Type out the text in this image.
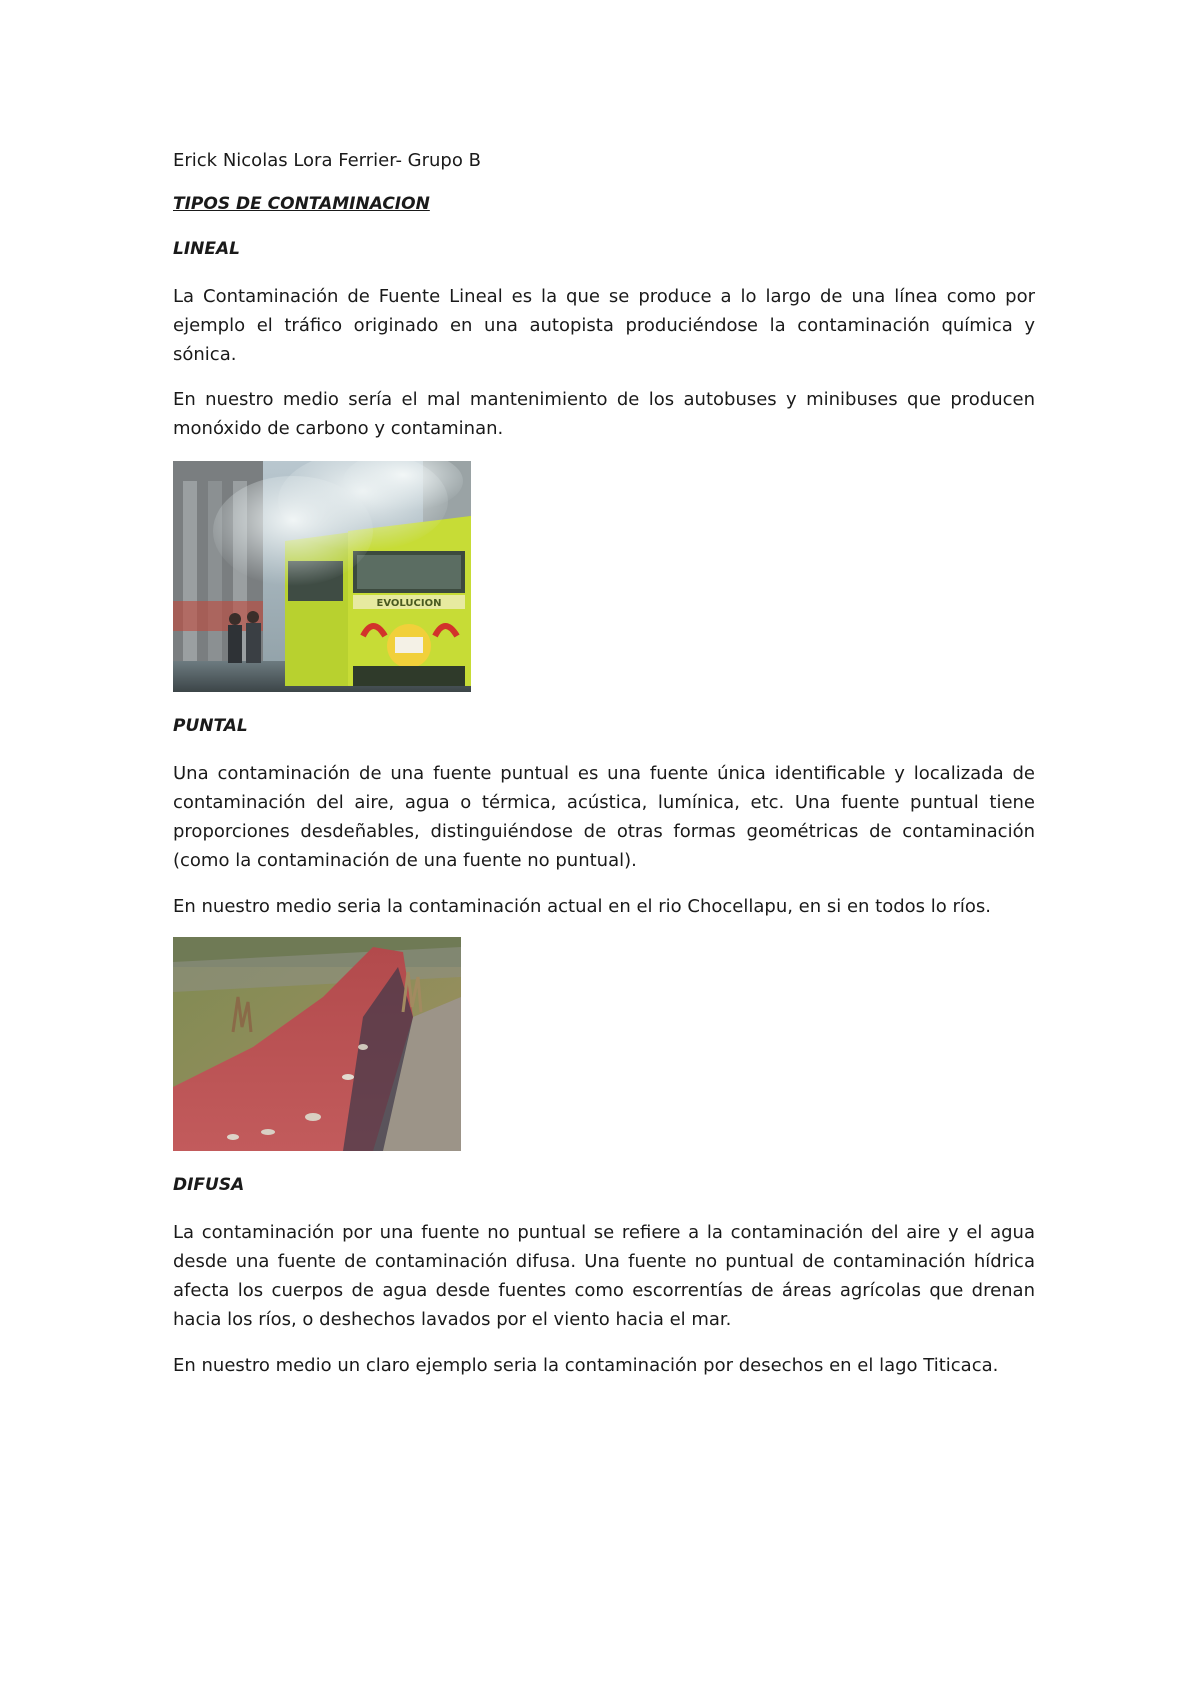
Erick Nicolas Lora Ferrier- Grupo B

TIPOS DE CONTAMINACION

LINEAL

La Contaminación de Fuente Lineal es la que se produce a lo largo de una línea como por ejemplo el tráfico originado en una autopista produciéndose la contaminación química y sónica.

En nuestro medio sería el mal mantenimiento de los autobuses y minibuses que producen monóxido de carbono y contaminan.

EVOLUCION

PUNTAL

Una contaminación de una fuente puntual es una fuente única identificable y localizada de contaminación del aire, agua o térmica, acústica, lumínica, etc. Una fuente puntual tiene proporciones desdeñables, distinguiéndose de otras formas geométricas de contaminación (como la contaminación de una fuente no puntual).

En nuestro medio seria la contaminación actual en el rio Chocellapu, en si en todos lo ríos.

DIFUSA

La contaminación por una fuente no puntual se refiere a la contaminación del aire y el agua desde una fuente de contaminación difusa. Una fuente no puntual de contaminación hídrica afecta los cuerpos de agua desde fuentes como escorrentías de áreas agrícolas que drenan hacia los ríos, o deshechos lavados por el viento hacia el mar.

En nuestro medio un claro ejemplo seria la contaminación por desechos en el lago Titicaca.
